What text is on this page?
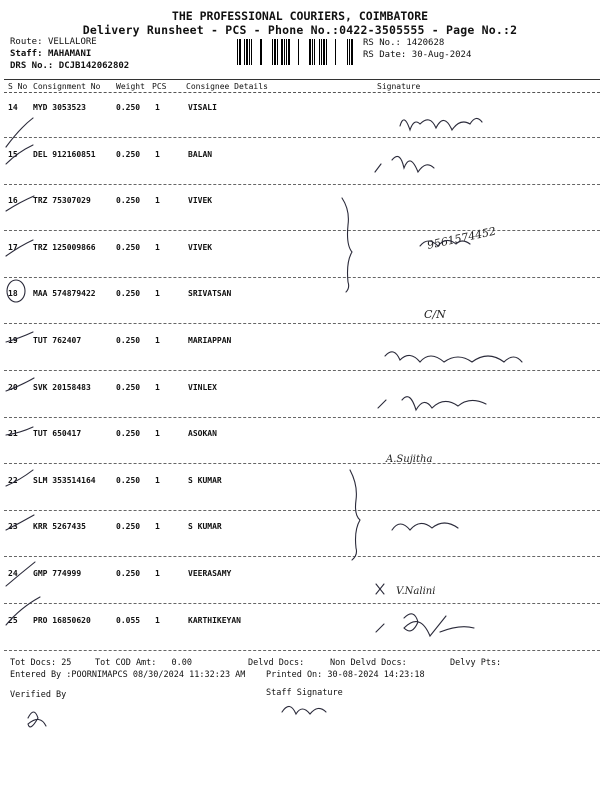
THE PROFESSIONAL COURIERS, COIMBATORE
Delivery Runsheet - PCS - Phone No.:0422-3505555 - Page No.:2
Route: VELLALORE
Staff: MAHAMANI
DRS No.: DCJB142062802
RS No.: 1420628
RS Date: 30-Aug-2024
S No Consignment No Weight PCS Consignee Details	Signature
14 MYD 3053523	0.250 1	VISALI
15 DEL 912160851	0.250 1	BALAN
16 TRZ 75307029	0.250 1	VIVEK
17 TRZ 125009866	0.250 1	VIVEK
18 MAA 574879422	0.250 1	SRIVATSAN
19 TUT 762407	0.250 1	MARIAPPAN
20 SVK 20158483	0.250 1	VINLEX
21 TUT 650417	0.250 1	ASOKAN
22 SLM 353514164	0.250 1	S KUMAR
23 KRR 5267435	0.250 1	S KUMAR
24 GMP 774999	0.250 1	VEERASAMY
25 PRO 16850620	0.055 1	KARTHIKEYAN
9561574452
C/N
A.Sujitha
V.Nalini
Tot Docs: 25	Tot COD Amt: 0.00	Delvd Docs:	Non Delvd Docs:	Delvy Pts:
Entered By :POORNIMAPCS 08/30/2024 11:32:23 AM Printed On: 30-08-2024 14:23:18
Verified By	Staff Signature
